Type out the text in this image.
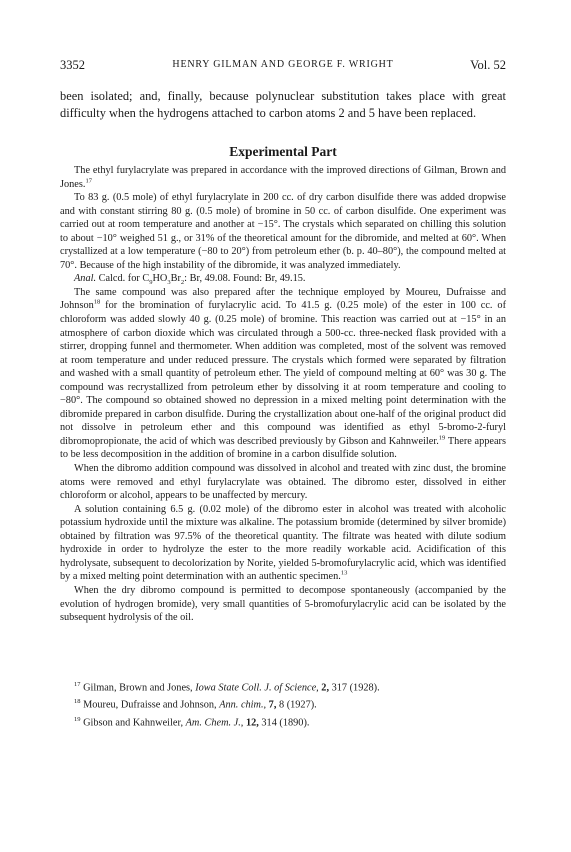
3352	HENRY GILMAN AND GEORGE F. WRIGHT	Vol. 52
been isolated; and, finally, because polynuclear substitution takes place with great difficulty when the hydrogens attached to carbon atoms 2 and 5 have been replaced.
Experimental Part

The ethyl furylacrylate was prepared in accordance with the improved directions of Gilman, Brown and Jones.$^{17}$

To 83 g. (0.5 mole) of ethyl furylacrylate in 200 cc. of dry carbon disulfide there was added dropwise and with constant stirring 80 g. (0.5 mole) of bromine in 50 cc. of carbon disulfide. One experiment was carried out at room temperature and another at −15°. The crystals which separated on chilling this solution to about −10° weighed 51 g., or 31% of the theoretical amount for the dibromide, and melted at 60°. When crystallized at a low temperature (−80 to 20°) from petroleum ether (b. p. 40–80°), the compound melted at 70°. Because of the high instability of the dibromide, it was analyzed immediately.

Anal. Calcd. for $C_9HO_3Br_2$: Br, 49.08. Found: Br, 49.15.

The same compound was also prepared after the technique employed by Moureu, Dufraisse and Johnson$^{18}$ for the bromination of furylacrylic acid. To 41.5 g. (0.25 mole) of the ester in 100 cc. of chloroform was added slowly 40 g. (0.25 mole) of bromine. This reaction was carried out at −15° in an atmosphere of carbon dioxide which was circulated through a 500-cc. three-necked flask provided with a stirrer, dropping funnel and thermometer. When addition was completed, most of the solvent was removed at room temperature and under reduced pressure. The crystals which formed were separated by filtration and washed with a small quantity of petroleum ether. The yield of compound melting at 60° was 30 g. The compound was recrystallized from petroleum ether by dissolving it at room temperature and cooling to −80°. The compound so obtained showed no depression in a mixed melting point determination with the dibromide prepared in carbon disulfide. During the crystallization about one-half of the original product did not dissolve in petroleum ether and this compound was identified as ethyl 5-bromo-2-furyl dibromopropionate, the acid of which was described previously by Gibson and Kahnweiler.$^{19}$ There appears to be less decomposition in the addition of bromine in a carbon disulfide solution.

When the dibromo addition compound was dissolved in alcohol and treated with zinc dust, the bromine atoms were removed and ethyl furylacrylate was obtained. The dibromo ester, dissolved in either chloroform or alcohol, appears to be unaffected by mercury.

A solution containing 6.5 g. (0.02 mole) of the dibromo ester in alcohol was treated with alcoholic potassium hydroxide until the mixture was alkaline. The potassium bromide (determined by silver bromide) obtained by filtration was 97.5% of the theoretical quantity. The filtrate was heated with dilute sodium hydroxide in order to hydrolyze the ester to the more readily workable acid. Acidification of this hydrolysate, subsequent to decolorization by Norite, yielded 5-bromofurylacrylic acid, which was identified by a mixed melting point determination with an authentic specimen.$^{13}$

When the dry dibromo compound is permitted to decompose spontaneously (accompanied by the evolution of hydrogen bromide), very small quantities of 5-bromofurylacrylic acid can be isolated by the subsequent hydrolysis of the oil.

$^{17}$ Gilman, Brown and Jones, Iowa State Coll. J. of Science, 2, 317 (1928).
$^{18}$ Moureu, Dufraisse and Johnson, Ann. chim., 7, 8 (1927).
$^{19}$ Gibson and Kahnweiler, Am. Chem. J., 12, 314 (1890).
